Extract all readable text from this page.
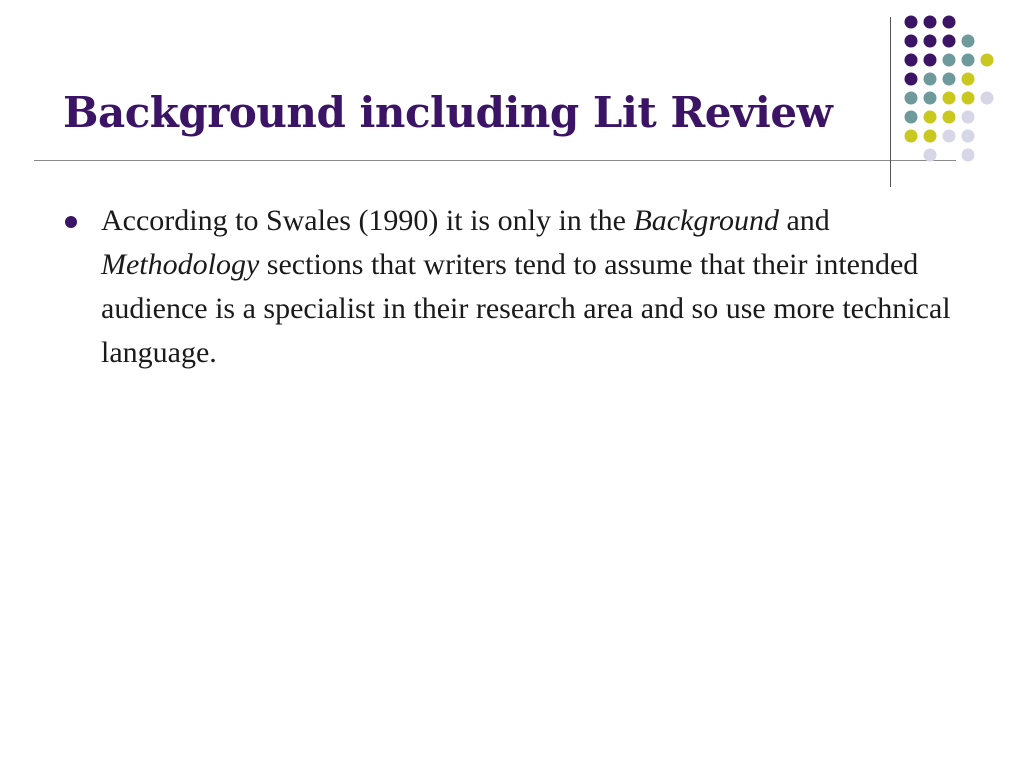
Background including Lit Review
According to Swales (1990) it is only in the Background and Methodology sections that writers tend to assume that their intended audience is a specialist in their research area and so use more technical language.
